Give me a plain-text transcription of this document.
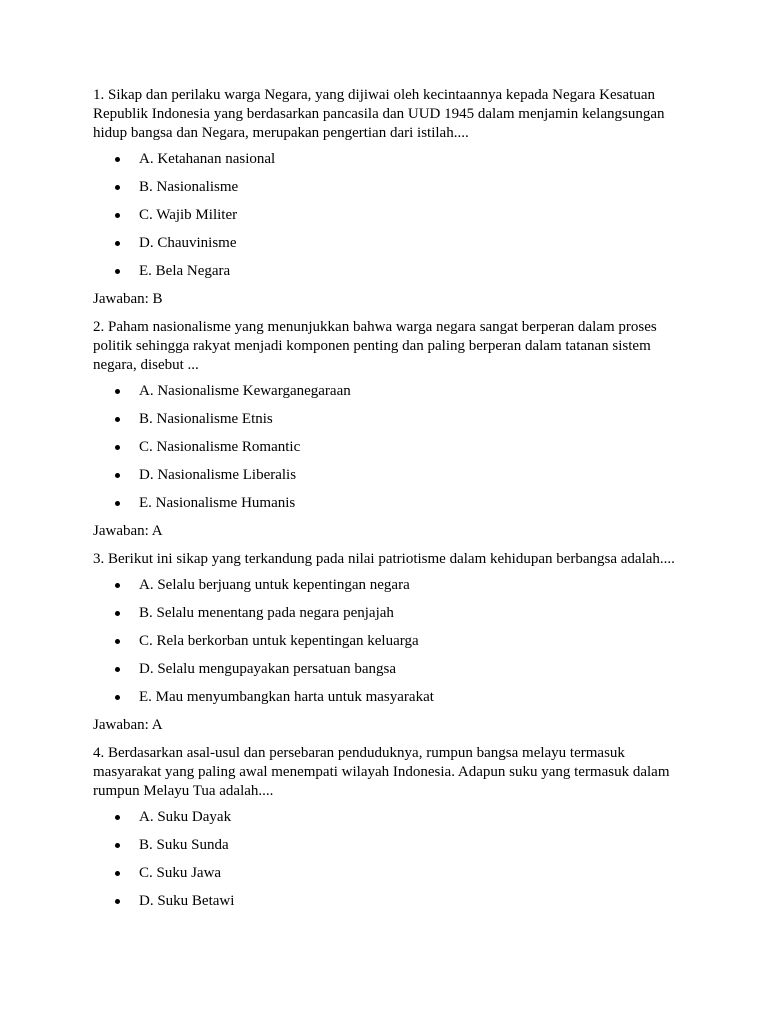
1. Sikap dan perilaku warga Negara, yang dijiwai oleh kecintaannya kepada Negara Kesatuan Republik Indonesia yang berdasarkan pancasila dan UUD 1945 dalam menjamin kelangsungan hidup bangsa dan Negara, merupakan pengertian dari istilah....

A. Ketahanan nasional
B. Nasionalisme
C. Wajib Militer
D. Chauvinisme
E. Bela Negara

Jawaban: B

2. Paham nasionalisme yang menunjukkan bahwa warga negara sangat berperan dalam proses politik sehingga rakyat menjadi komponen penting dan paling berperan dalam tatanan sistem negara, disebut ...

A. Nasionalisme Kewarganegaraan
B. Nasionalisme Etnis
C. Nasionalisme Romantic
D. Nasionalisme Liberalis
E. Nasionalisme Humanis

Jawaban: A

3. Berikut ini sikap yang terkandung pada nilai patriotisme dalam kehidupan berbangsa adalah....

A. Selalu berjuang untuk kepentingan negara
B. Selalu menentang pada negara penjajah
C. Rela berkorban untuk kepentingan keluarga
D. Selalu mengupayakan persatuan bangsa
E. Mau menyumbangkan harta untuk masyarakat

Jawaban: A

4. Berdasarkan asal-usul dan persebaran penduduknya, rumpun bangsa melayu termasuk masyarakat yang paling awal menempati wilayah Indonesia. Adapun suku yang termasuk dalam rumpun Melayu Tua adalah....

A. Suku Dayak
B. Suku Sunda
C. Suku Jawa
D. Suku Betawi
